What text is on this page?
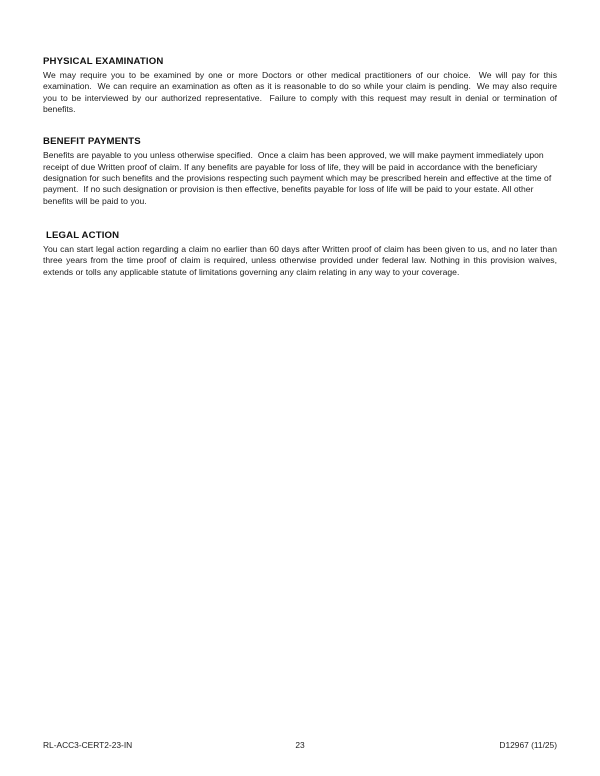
PHYSICAL EXAMINATION

We may require you to be examined by one or more Doctors or other medical practitioners of our choice.  We will pay for this examination.  We can require an examination as often as it is reasonable to do so while your claim is pending.  We may also require you to be interviewed by our authorized representative.  Failure to comply with this request may result in denial or termination of benefits.

BENEFIT PAYMENTS

Benefits are payable to you unless otherwise specified.  Once a claim has been approved, we will make payment immediately upon receipt of due Written proof of claim. If any benefits are payable for loss of life, they will be paid in accordance with the beneficiary designation for such benefits and the provisions respecting such payment which may be prescribed herein and effective at the time of payment.  If no such designation or provision is then effective, benefits payable for loss of life will be paid to your estate. All other benefits will be paid to you.

LEGAL ACTION

You can start legal action regarding a claim no earlier than 60 days after Written proof of claim has been given to us, and no later than three years from the time proof of claim is required, unless otherwise provided under federal law. Nothing in this provision waives, extends or tolls any applicable statute of limitations governing any claim relating in any way to your coverage.

RL-ACC3-CERT2-23-IN	23	D12967 (11/25)
